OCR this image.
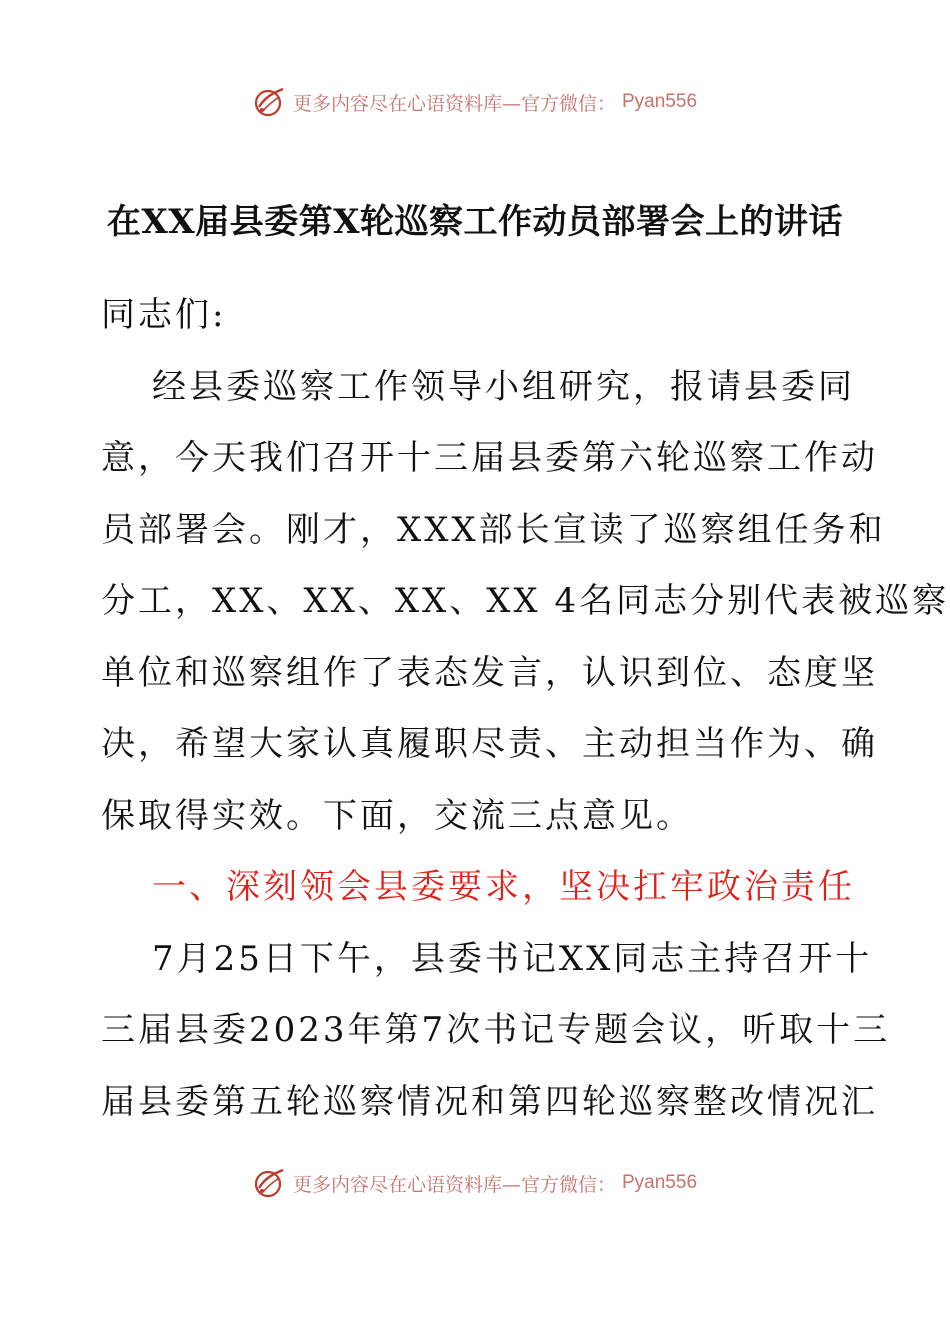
更多内容尽在心语资料库—官方微信： Pyan556
在XX届县委第X轮巡察工作动员部署会上的讲话
同志们:
经县委巡察工作领导小组研究，报请县委同
意，今天我们召开十三届县委第六轮巡察工作动
员部署会。刚才，XXX部长宣读了巡察组任务和
分工，XX、XX、XX、XX 4名同志分别代表被巡察
单位和巡察组作了表态发言，认识到位、态度坚
决，希望大家认真履职尽责、主动担当作为、确
保取得实效。下面，交流三点意见。
一、深刻领会县委要求，坚决扛牢政治责任
7月25日下午，县委书记XX同志主持召开十
三届县委2023年第7次书记专题会议，听取十三
届县委第五轮巡察情况和第四轮巡察整改情况汇
更多内容尽在心语资料库—官方微信： Pyan556
